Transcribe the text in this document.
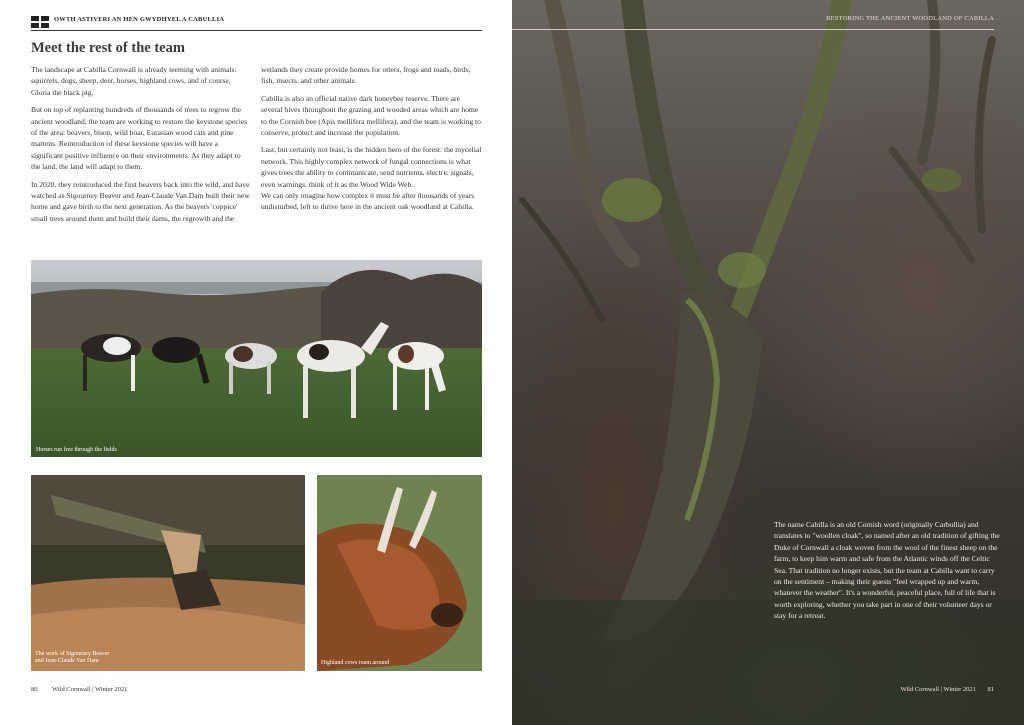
OWTH ASTIVERI AN HEN GWYDHYEL A CABULLIA
Meet the rest of the team

The landscape at Cabilla Cornwall is already teeming with animals: squirrels, dogs, sheep, deer, horses, highland cows, and of course, Gloria the black pig.

But on top of replanting hundreds of thousands of trees to regrow the ancient woodland, the team are working to restore the keystone species of the area: beavers, bison, wild boar, Eurasian wood cats and pine martens. Reintroduction of these keystone species will have a significant positive influence on their environments. As they adapt to the land, the land will adapt to them.

In 2020, they reintroduced the first beavers back into the wild, and have watched as Sigourney Beaver and Jean-Claude Van Dam built their new home and gave birth to the next generation. As the beavers 'coppice' small trees around them and build their dams, the regrowth and the

wetlands they create provide homes for otters, frogs and toads, birds, fish, insects, and other animals.

Cabilla is also an official native dark honeybee reserve. There are several hives throughout the grazing and wooded areas which are home to the Cornish bee (Apis mellifera mellifera), and the team is working to conserve, protect and increase the population.

Last, but certainly not least, is the hidden hero of the forest: the mycelial network. This highly complex network of fungal connections is what gives trees the ability to communicate, send nutrients, electric signals, even warnings, think of it as the Wood Wide Web.

We can only imagine how complex it must be after thousands of years undisturbed, left to thrive here in the ancient oak woodland at Cabilla.

Horses run free through the fields
The work of Sigourney Beaver
and Jean-Claude Van Dam	Highland cows roam around
80 Wild Cornwall | Winter 2021
RESTORING THE ANCIENT WOODLAND OF CABILLA
The name Cabilla is an old Cornish word (originally Carbullia) and translates to "woollen cloak", so named after an old tradition of gifting the Duke of Cornwall a cloak woven from the wool of the finest sheep on the farm, to keep him warm and safe from the Atlantic winds off the Celtic Sea. That tradition no longer exists, but the team at Cabilla want to carry on the sentiment – making their guests "feel wrapped up and warm, whatever the weather". It's a wonderful, peaceful place, full of life that is worth exploring, whether you take part in one of their volunteer days or stay for a retreat.
Wild Cornwall | Winter 2021 81
